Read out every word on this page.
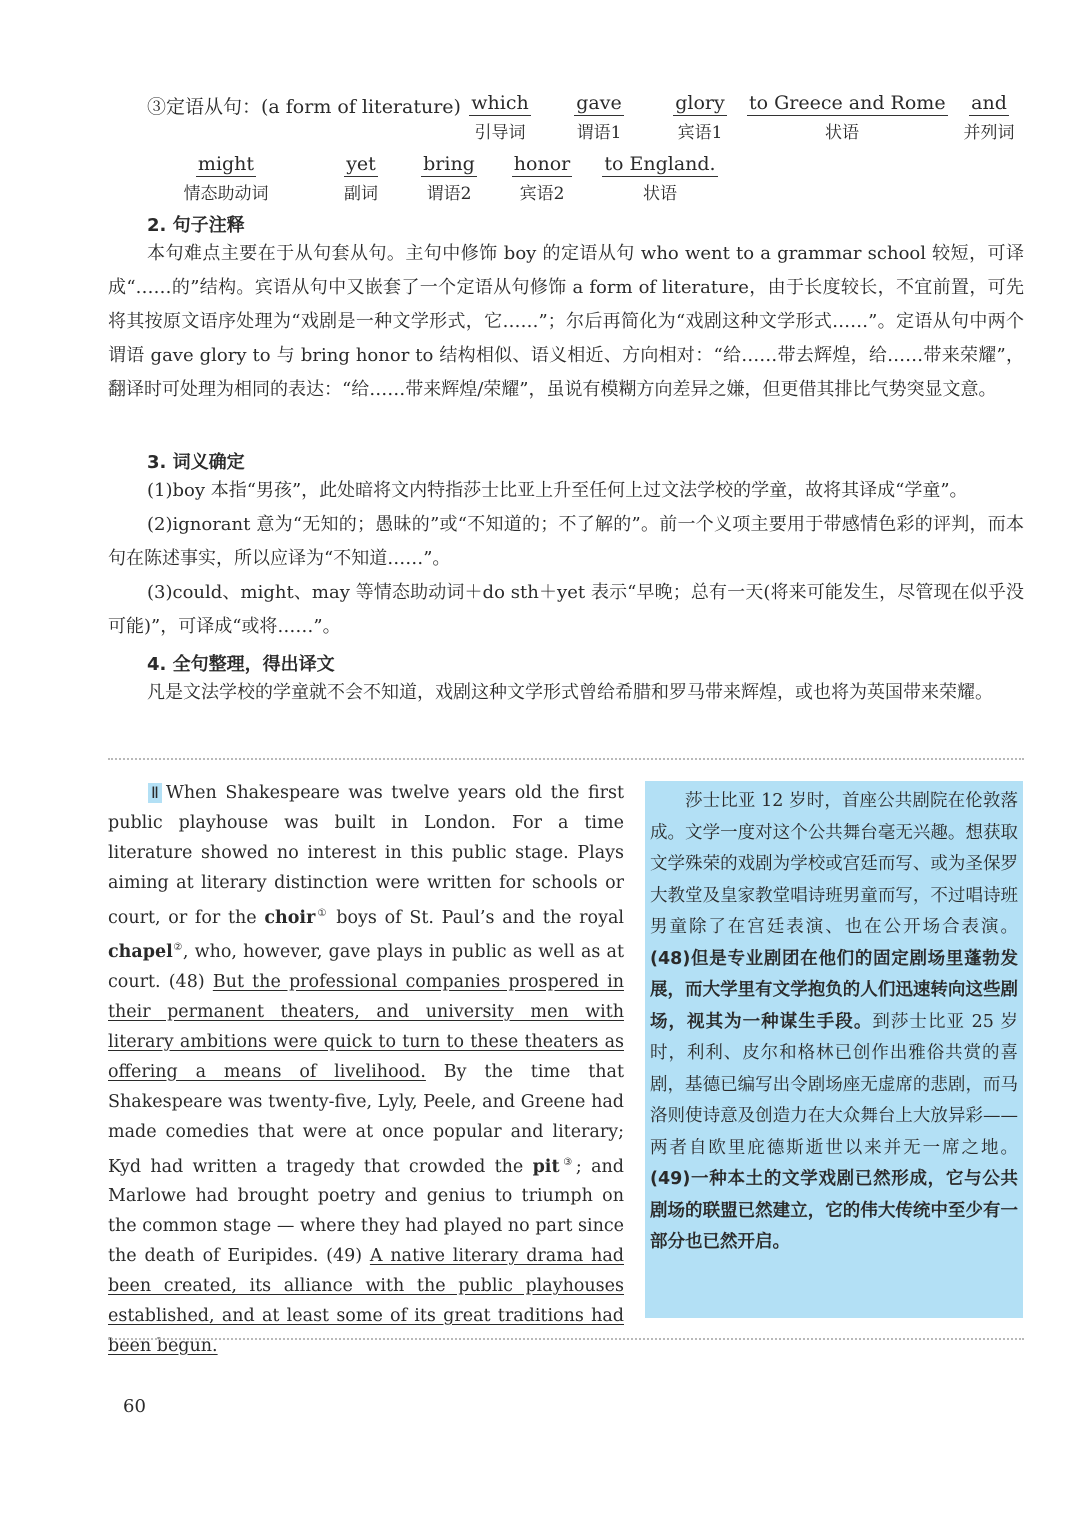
③定语从句：(a form of literature) which
引导词
gave
谓语1
glory
宾语1
to Greece and Rome
状语
and
并列词
might
情态助动词
yet
副词
bring
谓语2
honor
宾语2
to England.
状语
2. 句子注释

本句难点主要在于从句套从句。主句中修饰 boy 的定语从句 who went to a grammar school 较短，可译成“……的”结构。宾语从句中又嵌套了一个定语从句修饰 a form of literature，由于长度较长，不宜前置，可先将其按原文语序处理为“戏剧是一种文学形式，它……”；尔后再简化为“戏剧这种文学形式……”。定语从句中两个谓语 gave glory to 与 bring honor to 结构相似、语义相近、方向相对：“给……带去辉煌，给……带来荣耀”，翻译时可处理为相同的表达：“给……带来辉煌/荣耀”，虽说有模糊方向差异之嫌，但更借其排比气势突显文意。

3. 词义确定

(1)boy 本指“男孩”，此处暗将文内特指莎士比亚上升至任何上过文法学校的学童，故将其译成“学童”。

(2)ignorant 意为“无知的；愚昧的”或“不知道的；不了解的”。前一个义项主要用于带感情色彩的评判，而本句在陈述事实，所以应译为“不知道……”。

(3)could、might、may 等情态助动词＋do sth＋yet 表示“早晚；总有一天(将来可能发生，尽管现在似乎没可能)”，可译成“或将……”。

4. 全句整理，得出译文

凡是文法学校的学童就不会不知道，戏剧这种文学形式曾给希腊和罗马带来辉煌，或也将为英国带来荣耀。

Ⅱ When Shakespeare was twelve years old the first public playhouse was built in London. For a time literature showed no interest in this public stage. Plays aiming at literary distinction were written for schools or court, or for the choir① boys of St. Paul’s and the royal chapel②, who, however, gave plays in public as well as at court. (48) But the professional companies prospered in their permanent theaters, and university men with literary ambitions were quick to turn to these theaters as offering a means of livelihood. By the time that Shakespeare was twenty-five, Lyly, Peele, and Greene had made comedies that were at once popular and literary; Kyd had written a tragedy that crowded the pit③; and Marlowe had brought poetry and genius to triumph on the common stage — where they had played no part since the death of Euripides. (49) A native literary drama had been created, its alliance with the public playhouses established, and at least some of its great traditions had been begun.

莎士比亚 12 岁时，首座公共剧院在伦敦落成。文学一度对这个公共舞台毫无兴趣。想获取文学殊荣的戏剧为学校或宫廷而写、或为圣保罗大教堂及皇家教堂唱诗班男童而写，不过唱诗班男童除了在宫廷表演、也在公开场合表演。(48)但是专业剧团在他们的固定剧场里蓬勃发展，而大学里有文学抱负的人们迅速转向这些剧场，视其为一种谋生手段。到莎士比亚 25 岁时，利利、皮尔和格林已创作出雅俗共赏的喜剧，基德已编写出令剧场座无虚席的悲剧，而马洛则使诗意及创造力在大众舞台上大放异彩——两者自欧里庇德斯逝世以来并无一席之地。(49)一种本土的文学戏剧已然形成，它与公共剧场的联盟已然建立，它的伟大传统中至少有一部分也已然开启。

60
